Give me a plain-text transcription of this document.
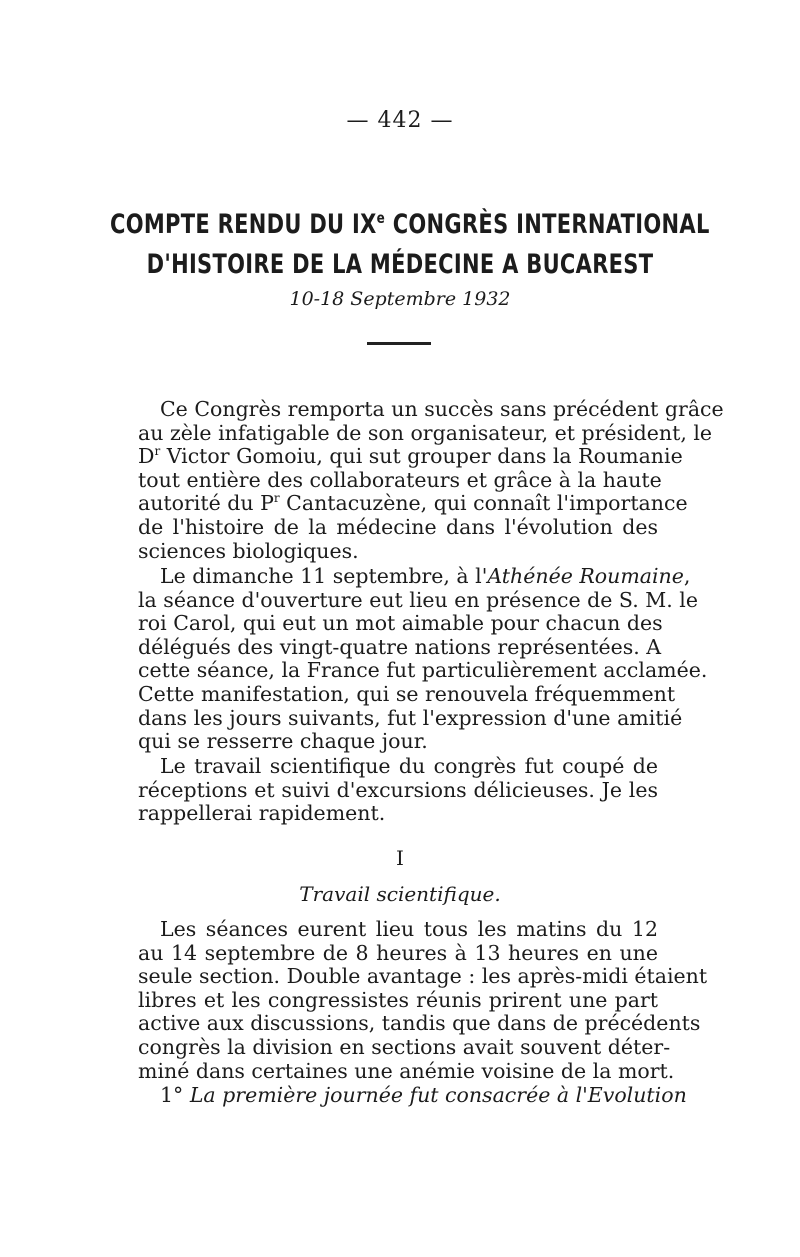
— 442 —
COMPTE RENDU DU IXe CONGRÈS INTERNATIONAL
D'HISTOIRE DE LA MÉDECINE A BUCAREST
10-18 Septembre 1932
Ce Congrès remporta un succès sans précédent grâce
au zèle infatigable de son organisateur, et président, le
$D^r$ Victor Gomoiu, qui sut grouper dans la Roumanie
tout entière des collaborateurs et grâce à la haute
autorité du $P^r$ Cantacuzène, qui connaît l'importance
de l'histoire de la médecine dans l'évolution des
sciences biologiques.
Le dimanche 11 septembre, à l'Athénée Roumaine,
la séance d'ouverture eut lieu en présence de S. M. le
roi Carol, qui eut un mot aimable pour chacun des
délégués des vingt-quatre nations représentées. A
cette séance, la France fut particulièrement acclamée.
Cette manifestation, qui se renouvela fréquemment
dans les jours suivants, fut l'expression d'une amitié
qui se resserre chaque jour.
Le travail scientifique du congrès fut coupé de
réceptions et suivi d'excursions délicieuses. Je les
rappellerai rapidement.
I
Travail scientifique.
Les séances eurent lieu tous les matins du 12
au 14 septembre de 8 heures à 13 heures en une
seule section. Double avantage : les après-midi étaient
libres et les congressistes réunis prirent une part
active aux discussions, tandis que dans de précédents
congrès la division en sections avait souvent déter-
miné dans certaines une anémie voisine de la mort.
1° La première journée fut consacrée à l'Evolution
